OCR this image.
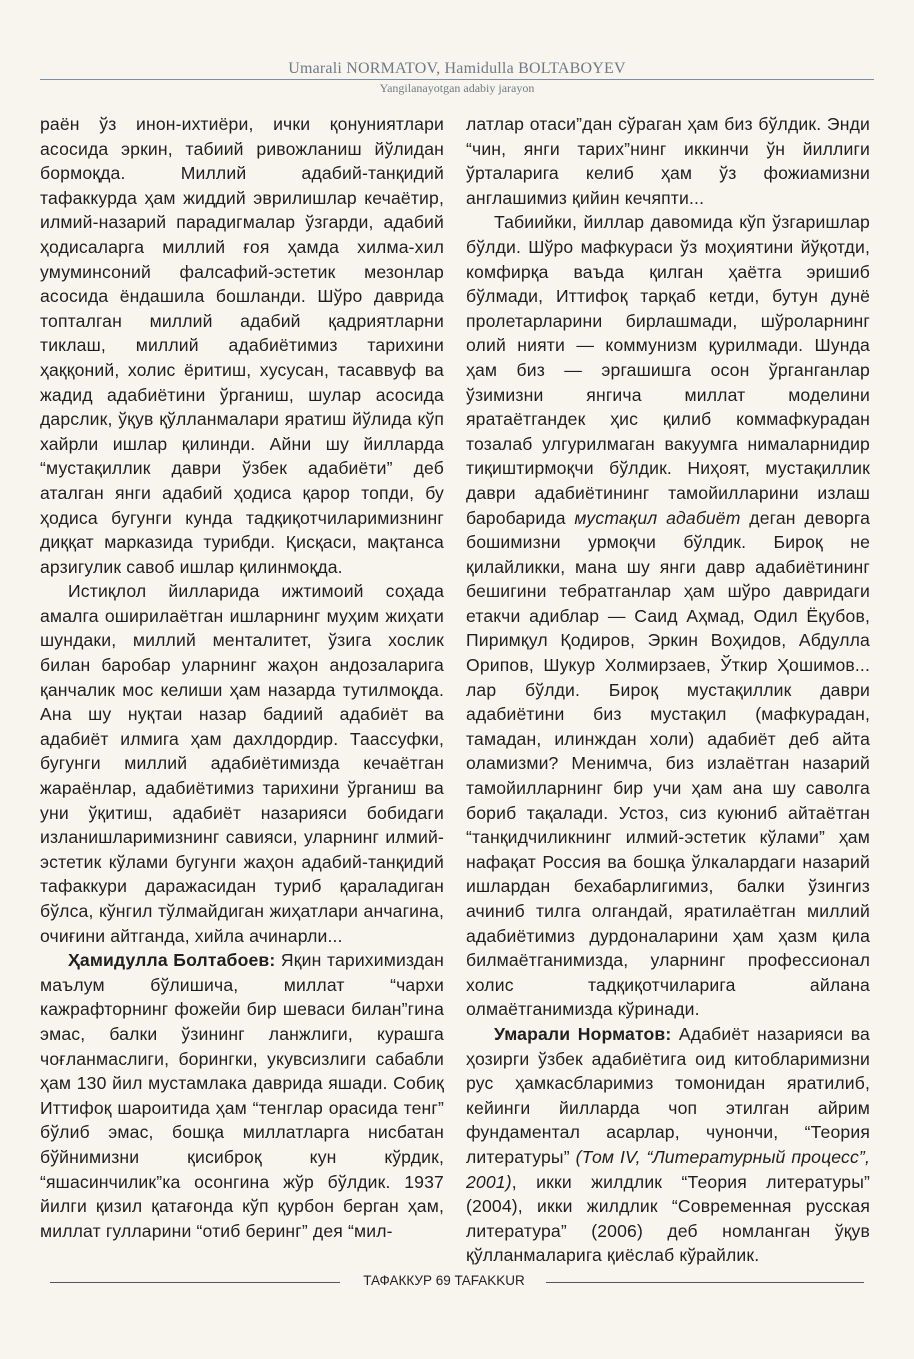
Umarali NORMATOV, Hamidulla BOLTABOYEV
Yangilanayotgan adabiy jarayon

раён ўз инон-ихтиёри, ички қонуниятлари асосида эркин, табиий ривожланиш йўлидан бормоқда. Миллий адабий-танқидий тафаккурда ҳам жиддий эврилишлар кечаётир, илмий-назарий парадигмалар ўзгарди, адабий ҳодисаларга миллий ғоя ҳамда хилма-хил умуминсоний фалсафий-эстетик мезонлар асосида ёндашила бошланди. Шўро даврида топталган миллий адабий қадриятларни тиклаш, миллий адабиётимиз тарихини ҳаққоний, холис ёритиш, хусусан, тасаввуф ва жадид адабиётини ўрганиш, шулар асосида дарслик, ўқув қўлланмалари яратиш йўлида кўп хайрли ишлар қилинди. Айни шу йилларда “мустақиллик даври ўзбек адабиёти” деб аталган янги адабий ҳодиса қарор топди, бу ҳодиса бугунги кунда тадқиқотчиларимизнинг диққат марказида турибди. Қисқаси, мақтанса арзигулик савоб ишлар қилинмоқда.

Истиқлол йилларида ижтимоий соҳада амалга оширилаётган ишларнинг муҳим жиҳати шундаки, миллий менталитет, ўзига хослик билан баробар уларнинг жаҳон андозаларига қанчалик мос келиши ҳам назарда тутилмоқда. Ана шу нуқтаи назар бадиий адабиёт ва адабиёт илмига ҳам дахлдордир. Таассуфки, бугунги миллий адабиётимизда кечаётган жараёнлар, адабиётимиз тарихини ўрганиш ва уни ўқитиш, адабиёт назарияси бобидаги изланишларимизнинг савияси, уларнинг илмий-эстетик кўлами бугунги жаҳон адабий-танқидий тафаккури даражасидан туриб қараладиган бўлса, кўнгил тўлмайдиган жиҳатлари анчагина, очиғини айтганда, хийла ачинарли...

Ҳамидулла Болтабоев: Яқин тарихимиздан маълум бўлишича, миллат “чархи кажрафторнинг фожейи бир шеваси билан”гина эмас, балки ўзининг ланжлиги, курашга чоғланмаслиги, борингки, укувсизлиги сабабли ҳам 130 йил мустамлака даврида яшади. Собиқ Иттифоқ шароитида ҳам “тенглар орасида тенг” бўлиб эмас, бошқа миллатларга нисбатан бўйнимизни қисиброқ кун кўрдик, “яшасинчилик”ка осонгина жўр бўлдик. 1937 йилги қизил қатағонда кўп қурбон берган ҳам, миллат гулларини “отиб беринг” дея “мил-

латлар отаси”дан сўраган ҳам биз бўлдик. Энди “чин, янги тарих”нинг иккинчи ўн йиллиги ўрталарига келиб ҳам ўз фожиамизни англашимиз қийин кечяпти...

Табиийки, йиллар давомида кўп ўзгаришлар бўлди. Шўро мафкураси ўз моҳиятини йўқотди, комфирқа ваъда қилган ҳаётга эришиб бўлмади, Иттифоқ тарқаб кетди, бутун дунё пролетарларини бирлашмади, шўроларнинг олий нияти — коммунизм қурилмади. Шунда ҳам биз — эргашишга осон ўрганганлар ўзимизни янгича миллат моделини яратаётгандек ҳис қилиб коммафкурадан тозалаб улгурилмаган вакуумга нималарнидир тиқиштирмоқчи бўлдик. Ниҳоят, мустақиллик даври адабиётининг тамойилларини излаш баробарида мустақил адабиёт деган деворга бошимизни урмоқчи бўлдик. Бироқ не қилайликки, мана шу янги давр адабиётининг бешигини тебратганлар ҳам шўро давридаги етакчи адиблар — Саид Аҳмад, Одил Ёқубов, Пиримқул Қодиров, Эркин Воҳидов, Абдулла Орипов, Шукур Холмирзаев, Ўткир Ҳошимов... лар бўлди. Бироқ мустақиллик даври адабиётини биз мустақил (мафкурадан, тамадан, илинждан холи) адабиёт деб айта оламизми? Менимча, биз излаётган назарий тамойилларнинг бир учи ҳам ана шу саволга бориб тақалади. Устоз, сиз куюниб айтаётган “танқидчиликнинг илмий-эстетик кўлами” ҳам нафақат Россия ва бошқа ўлкалардаги назарий ишлардан бехабарлигимиз, балки ўзингиз ачиниб тилга олгандай, яратилаётган миллий адабиётимиз дурдоналарини ҳам ҳазм қила билмаётганимизда, уларнинг профессионал холис тадқиқотчиларига айлана олмаётганимизда кўринади.

Умарали Норматов: Адабиёт назарияси ва ҳозирги ўзбек адабиётига оид китобларимизни рус ҳамкасбларимиз томонидан яратилиб, кейинги йилларда чоп этилган айрим фундаментал асарлар, чунончи, “Теория литературы” (Том IV, “Литературный процесс”, 2001), икки жилдлик “Теория литературы” (2004), икки жилдлик “Современная русская литература” (2006) деб номланган ўқув қўлланмаларига қиёслаб кўрайлик.

ТАФАККУР 69 TAFAKKUR
